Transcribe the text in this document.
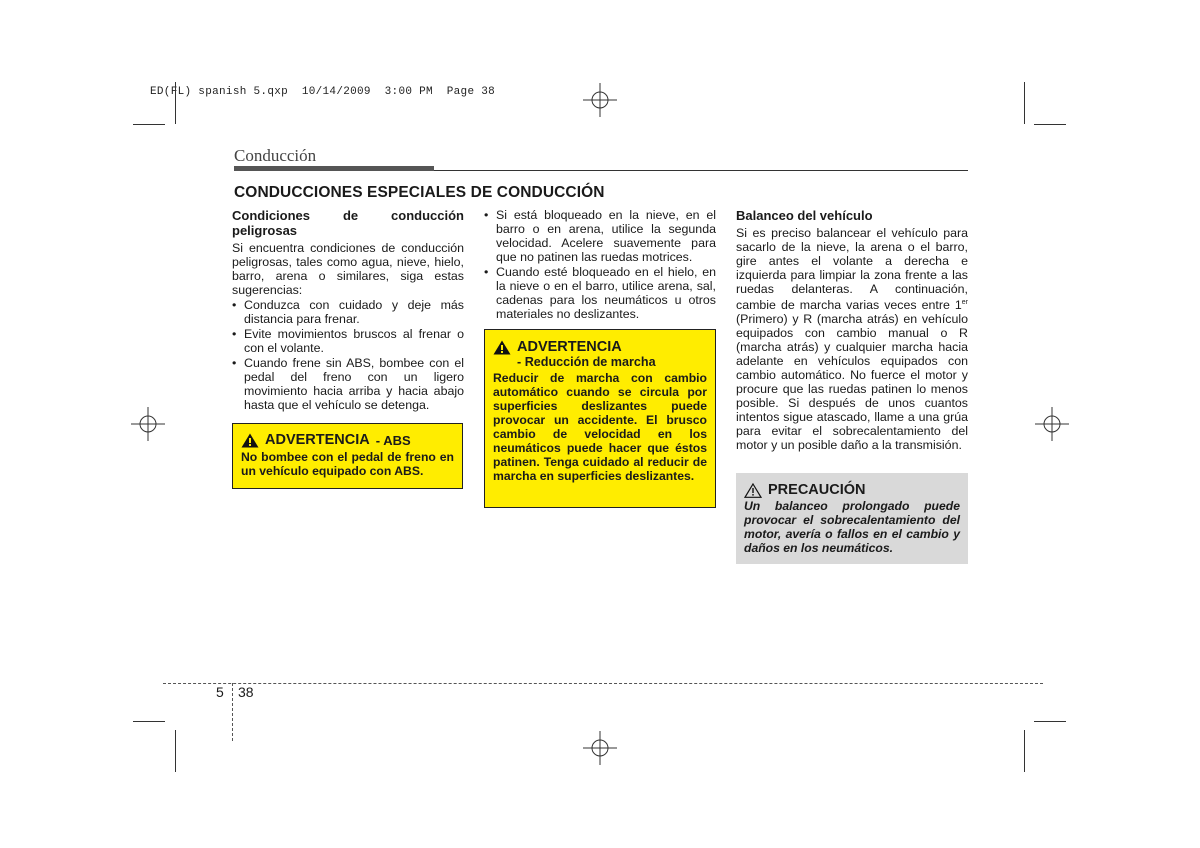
ED(FL) spanish 5.qxp  10/14/2009  3:00 PM  Page 38
Conducción
CONDUCCIONES ESPECIALES DE CONDUCCIÓN
Condiciones de conducción peligrosas

Si encuentra condiciones de conducción peligrosas, tales como agua, nieve, hielo, barro, arena o similares, siga estas sugerencias:

• Conduzca con cuidado y deje más distancia para frenar.
• Evite movimientos bruscos al frenar o con el volante.
• Cuando frene sin ABS, bombee con el pedal del freno con un ligero movimiento hacia arriba y hacia abajo hasta que el vehículo se detenga.
ADVERTENCIA - ABS
No bombee con el pedal de freno en un vehículo equipado con ABS.
• Si está bloqueado en la nieve, en el barro o en arena, utilice la segunda velocidad. Acelere suavemente para que no patinen las ruedas motrices.
• Cuando esté bloqueado en el hielo, en la nieve o en el barro, utilice arena, sal, cadenas para los neumáticos u otros materiales no deslizantes.
ADVERTENCIA
- Reducción de marcha
Reducir de marcha con cambio automático cuando se circula por superficies deslizantes puede provocar un accidente. El brusco cambio de velocidad en los neumáticos puede hacer que éstos patinen. Tenga cuidado al reducir de marcha en superficies deslizantes.
Balanceo del vehículo

Si es preciso balancear el vehículo para sacarlo de la nieve, la arena o el barro, gire antes el volante a derecha e izquierda para limpiar la zona frente a las ruedas delanteras. A continuación, cambie de marcha varias veces entre 1er (Primero) y R (marcha atrás) en vehículo equipados con cambio manual o R (marcha atrás) y cualquier marcha hacia adelante en vehículos equipados con cambio automático. No fuerce el motor y procure que las ruedas patinen lo menos posible. Si después de unos cuantos intentos sigue atascado, llame a una grúa para evitar el sobrecalentamiento del motor y un posible daño a la transmisión.

PRECAUCIÓN
Un balanceo prolongado puede provocar el sobrecalentamiento del motor, avería o fallos en el cambio y daños en los neumáticos.
5 38
